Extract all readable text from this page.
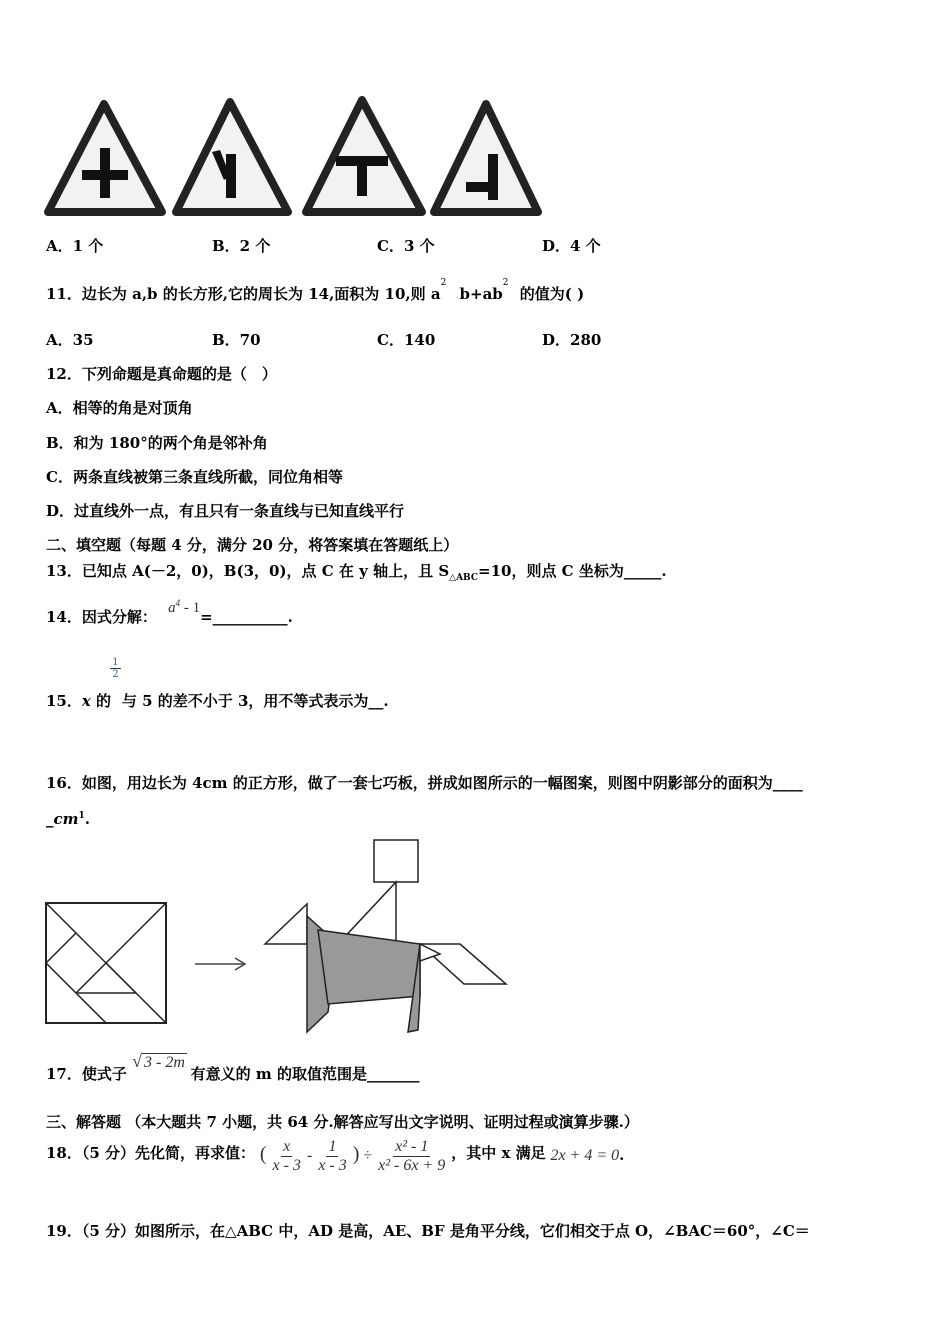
A．1 个	B．2 个	C．3 个	D．4 个
11．边长为 a,b 的长方形,它的周长为 14,面积为 10,则 $a^2$ $b+ab^2$ 的值为( )
A．35	B．70	C．140	D．280
12．下列命题是真命题的是（　）
A．相等的角是对顶角
B．和为 180°的两个角是邻补角
C．两条直线被第三条直线所截，同位角相等
D．过直线外一点，有且只有一条直线与已知直线平行
二、填空题（每题 4 分，满分 20 分，将答案填在答题纸上）
13．已知点 A(－2，0)，B(3，0)，点 C 在 y 轴上，且 $S_{\triangle ABC}=10$，则点 C 坐标为_____.
14．因式分解： $a^4$ - 1=__________.
15．x 的
$\frac{1}{2}$
与 5 的差不小于 3，用不等式表示为__.
16．如图，用边长为 4cm 的正方形，做了一套七巧板，拼成如图所示的一幅图案，则图中阴影部分的面积为____
$\_cm^1$.
17．使式子 √ 3 - 2m 有意义的 m 的取值范围是_______
三、解答题 （本大题共 7 小题，共 64 分.解答应写出文字说明、证明过程或演算步骤.）
18．（5 分）先化简，再求值： ( $\frac{x}{x - 3} - \frac{1}{x - 3}$ ) ÷ $\frac{\text{x² - 1}}{\text{x² - 6x + 9}}$ ，其中 x 满足 2x + 4 = 0.
19．（5 分）如图所示，在△ABC 中，AD 是高，AE、BF 是角平分线，它们相交于点 O，∠BAC＝60°，∠C＝
